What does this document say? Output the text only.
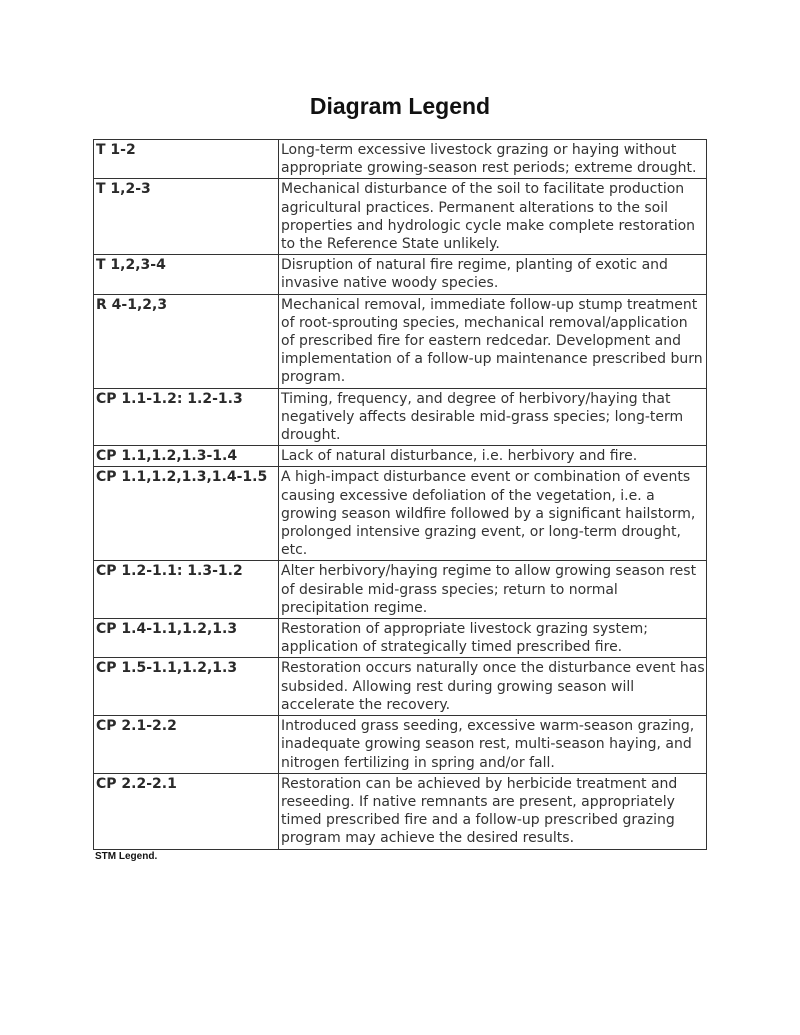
Diagram Legend
T 1-2	Long-term excessive livestock grazing or haying without appropriate growing-season rest periods; extreme drought.
T 1,2-3	Mechanical disturbance of the soil to facilitate production agricultural practices. Permanent alterations to the soil properties and hydrologic cycle make complete restoration to the Reference State unlikely.
T 1,2,3-4	Disruption of natural fire regime, planting of exotic and invasive native woody species.
R 4-1,2,3	Mechanical removal, immediate follow-up stump treatment of root-sprouting species, mechanical removal/application of prescribed fire for eastern redcedar. Development and implementation of a follow-up maintenance prescribed burn program.
CP 1.1-1.2: 1.2-1.3	Timing, frequency, and degree of herbivory/haying that negatively affects desirable mid-grass species; long-term drought.
CP 1.1,1.2,1.3-1.4	Lack of natural disturbance, i.e. herbivory and fire.
CP 1.1,1.2,1.3,1.4-1.5	A high-impact disturbance event or combination of events causing excessive defoliation of the vegetation, i.e. a growing season wildfire followed by a significant hailstorm, prolonged intensive grazing event, or long-term drought, etc.
CP 1.2-1.1: 1.3-1.2	Alter herbivory/haying regime to allow growing season rest of desirable mid-grass species; return to normal precipitation regime.
CP 1.4-1.1,1.2,1.3	Restoration of appropriate livestock grazing system; application of strategically timed prescribed fire.
CP 1.5-1.1,1.2,1.3	Restoration occurs naturally once the disturbance event has subsided. Allowing rest during growing season will accelerate the recovery.
CP 2.1-2.2	Introduced grass seeding, excessive warm-season grazing, inadequate growing season rest, multi-season haying, and nitrogen fertilizing in spring and/or fall.
CP 2.2-2.1	Restoration can be achieved by herbicide treatment and reseeding. If native remnants are present, appropriately timed prescribed fire and a follow-up prescribed grazing program may achieve the desired results.
STM Legend.
